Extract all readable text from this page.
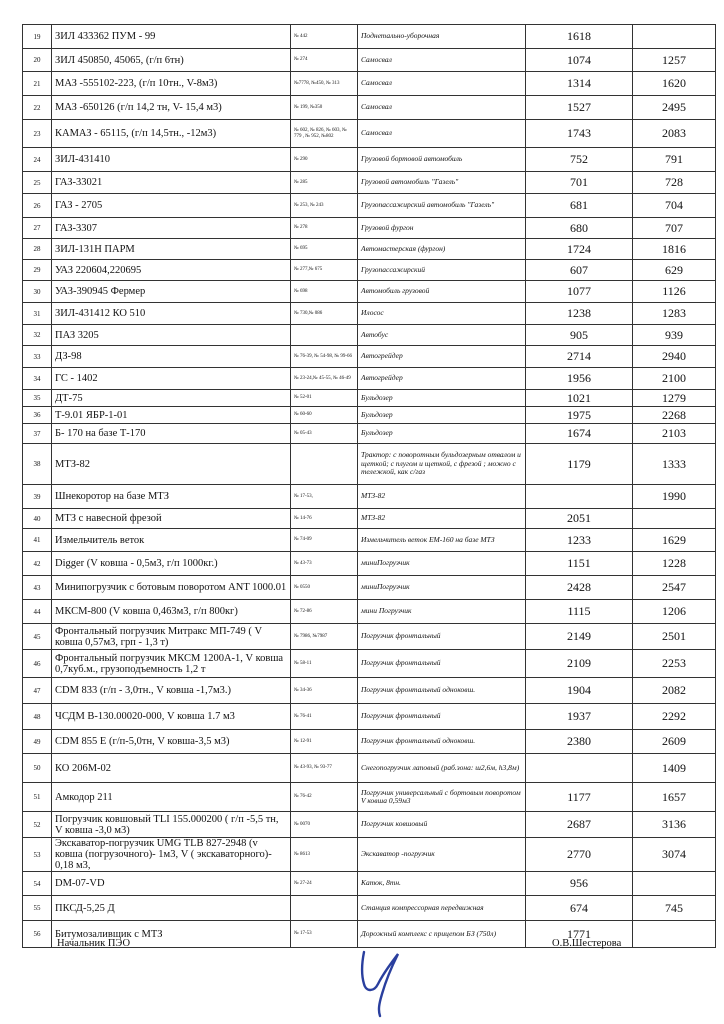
19	ЗИЛ 433362 ПУМ - 99	№ 442	Поднетально-уборочная	1618	
20	ЗИЛ 450850, 45065, (г/п 6тн)	№ 274	Самосвал	1074	1257
21	МАЗ -555102-223, (г/п 10тн., V-8м3)	№7778, №450, № 313	Самосвал	1314	1620
22	МАЗ -650126 (г/п 14,2 тн, V- 15,4 м3)	№ 199, №350	Самосвал	1527	2495
23	КАМАЗ - 65115, (г/п 14,5тн., -12м3)	№ 602, № 826, № 603, № 779 , № 952, №802	Самосвал	1743	2083
24	ЗИЛ-431410	№ 290	Грузовой бортовой автомобиль	752	791
25	ГАЗ-33021	№ 285	Грузовой автомобиль "Газель"	701	728
26	ГАЗ - 2705	№ 253, № 243	Грузопассажирский автомобиль "Газель"	681	704
27	ГАЗ-3307	№ 278	Грузовой фургон	680	707
28	ЗИЛ-131Н ПАРМ	№ 695	Автомастерская (фургон)	1724	1816
29	УАЗ 220604,220695	№ 277,№ 675	Грузопассажирский	607	629
30	УАЗ-390945 Фермер	№ 698	Автомобиль грузовой	1077	1126
31	ЗИЛ-431412 КО 510	№ 730,№ 086	Илосос	1238	1283
32	ПАЗ 3205		Автобус	905	939
33	ДЗ-98	№ 76-39, № 54-98, № 99-66	Автогрейдер	2714	2940
34	ГС - 1402	№ 23-24,№ 45-55, № 46-49	Автогрейдер	1956	2100
35	ДТ-75	№ 52-01	Бульдозер	1021	1279
36	Т-9.01 ЯБР-1-01	№ 60-60	Бульдозер	1975	2268
37	Б- 170 на базе Т-170	№ 05-43	Бульдозер	1674	2103
38	МТЗ-82		Трактор: с поворотным бульдозерным отвалом и щеткой; с плугом и щеткой, с фрезой ; можно с тележкой, как с/газ	1179	1333
39	Шнекоротор на базе МТЗ	№ 17-53,	МТЗ-82		1990
40	МТЗ с навесной фрезой	№ 14-76	МТЗ-82	2051	
41	Измельчитель веток	№ 74-09	Измельчитель веток ЕМ-160 на базе МТЗ	1233	1629
42	Digger (V ковша - 0,5м3, г/п 1000кг.)	№ 43-73	миниПогрузчик	1151	1228
43	Минипогрузчик с ботовым поворотом ANT 1000.01	№ 0550	миниПогрузчик	2428	2547
44	МКСМ-800 (V ковша 0,463м3, г/п 800кг)	№ 72-86	мини Погрузчик	1115	1206
45	Фронтальный погрузчик Митракс МП-749 ( V ковша 0,57м3, грп - 1,3 т)	№ 7986, №7987	Погрузчик фронтальный	2149	2501
46	Фронтальный погрузчик МКСМ 1200А-1, V ковша 0,7куб.м., грузоподъемность 1,2 т	№ 58-11	Погрузчик фронтальный	2109	2253
47	CDM 833 (г/п - 3,0тн., V ковша -1,7м3.)	№ 34-36	Погрузчик фронтальный одноковш.	1904	2082
48	ЧСДМ В-130.00020-000, V ковша 1.7 м3	№ 76-41	Погрузчик фронтальный	1937	2292
49	CDM 855 E (г/п-5,0тн, V ковша-3,5 м3)	№ 12-91	Погрузчик фронтальный одноковш.	2380	2609
50	КО 206М-02	№ 43-93, № 93-77	Снегопогрузчик лаповый (раб.зона: ш2,6м, h3,8м)		1409
51	Амкодор 211	№ 76-42	Погрузчик универсальный с бортовым поворотом V ковша 0,59м3	1177	1657
52	Погрузчик ковшовый TLI 155.000200 ( г/п -5,5 тн, V ковша -3,0 м3)	№ 0070	Погрузчик ковшовый	2687	3136
53	Экскаватор-погрузчик UMG TLB 827-2948 (v ковша (погрузочного)- 1м3, V ( экскаваторного)- 0,18 м3,	№ 8613	Экскаватор -погрузчик	2770	3074
54	DM-07-VD	№ 27-24	Каток, 8тн.	956	
55	ПКСД-5,25 Д		Станция компрессорная передвижная	674	745
56	Битумозаливщик с МТЗ	№ 17-53	Дорожный комплекс с прицепом БЗ (750л)	1771	
Начальник ПЭО	О.В.Шестерова
